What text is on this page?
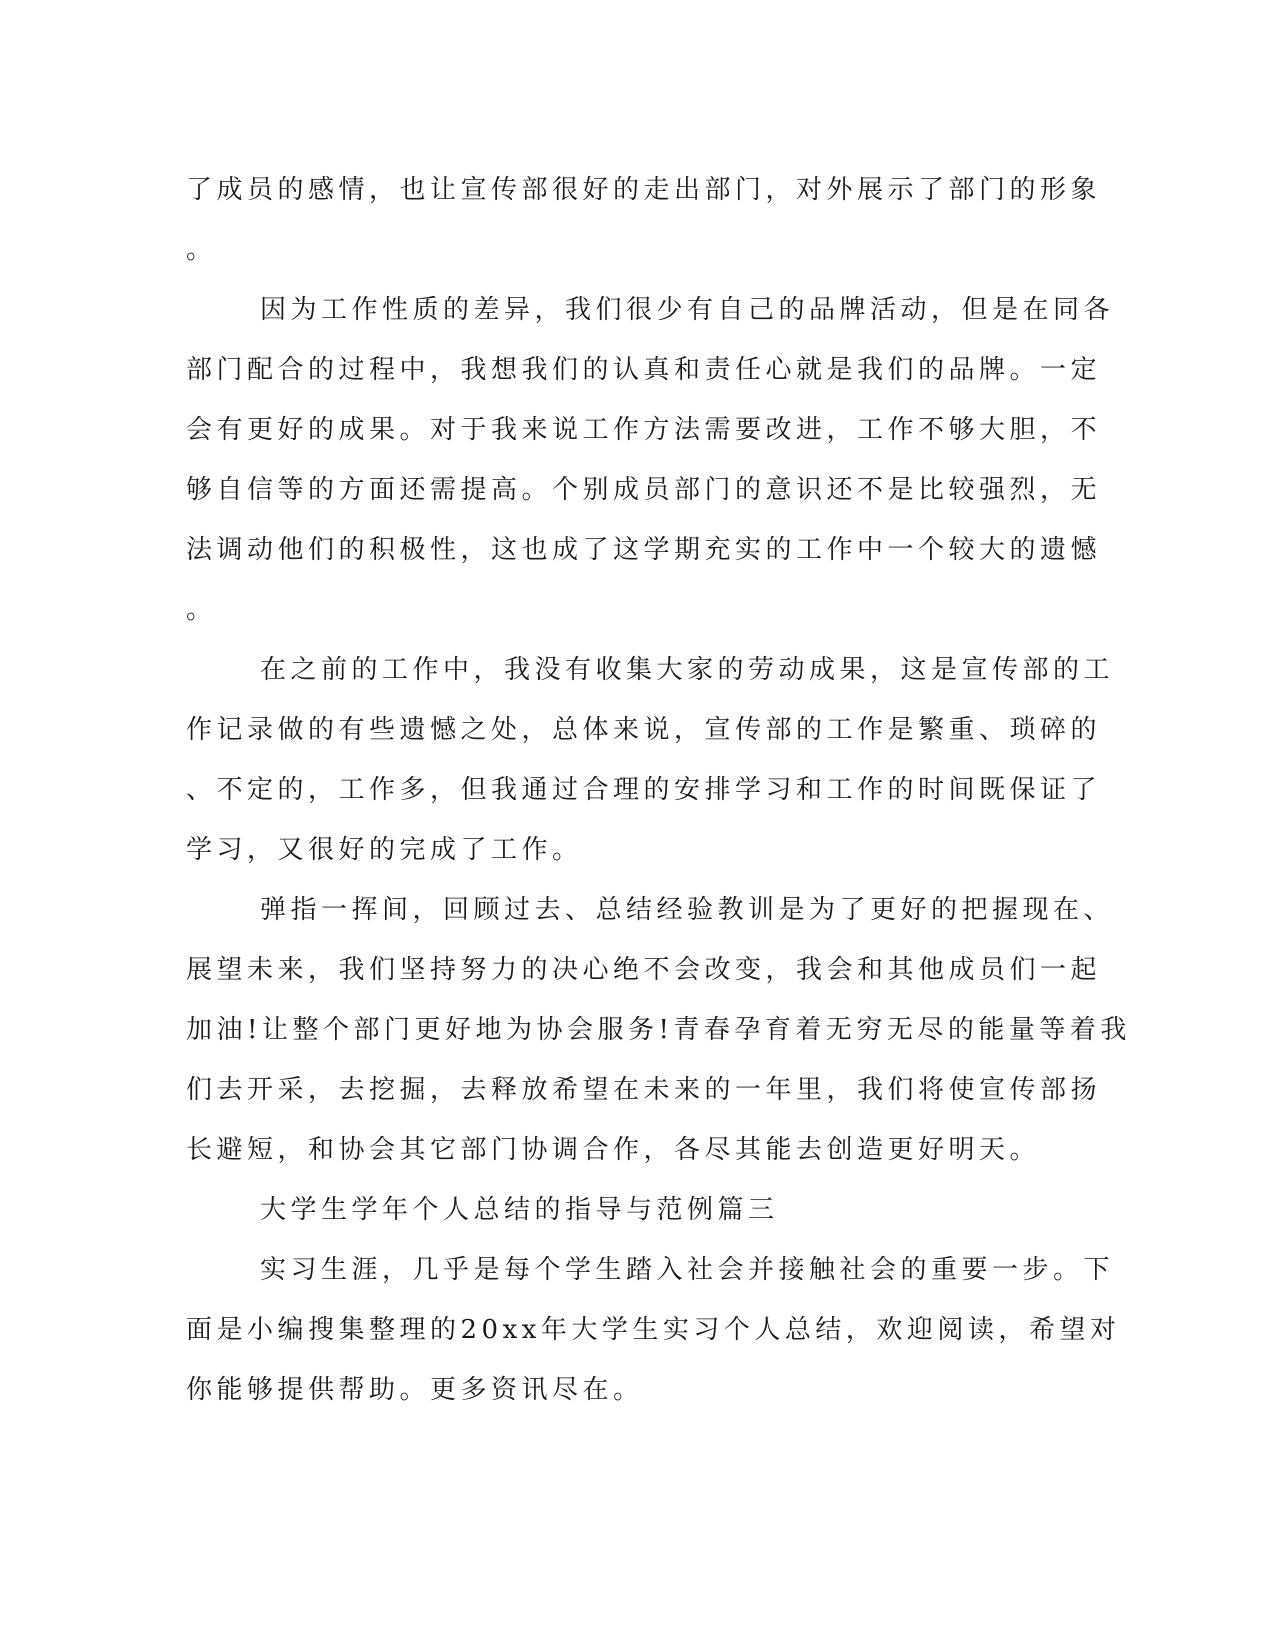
了成员的感情，也让宣传部很好的走出部门，对外展示了部门的形象
。
因为工作性质的差异，我们很少有自己的品牌活动，但是在同各
部门配合的过程中，我想我们的认真和责任心就是我们的品牌。一定
会有更好的成果。对于我来说工作方法需要改进，工作不够大胆，不
够自信等的方面还需提高。个别成员部门的意识还不是比较强烈，无
法调动他们的积极性，这也成了这学期充实的工作中一个较大的遗憾
。
在之前的工作中，我没有收集大家的劳动成果，这是宣传部的工
作记录做的有些遗憾之处，总体来说，宣传部的工作是繁重、琐碎的
、不定的，工作多，但我通过合理的安排学习和工作的时间既保证了
学习，又很好的完成了工作。
弹指一挥间，回顾过去、总结经验教训是为了更好的把握现在、
展望未来，我们坚持努力的决心绝不会改变，我会和其他成员们一起
加油!让整个部门更好地为协会服务!青春孕育着无穷无尽的能量等着我
们去开采，去挖掘，去释放希望在未来的一年里，我们将使宣传部扬
长避短，和协会其它部门协调合作，各尽其能去创造更好明天。
大学生学年个人总结的指导与范例篇三
实习生涯，几乎是每个学生踏入社会并接触社会的重要一步。下
面是小编搜集整理的20xx年大学生实习个人总结，欢迎阅读，希望对
你能够提供帮助。更多资讯尽在。
